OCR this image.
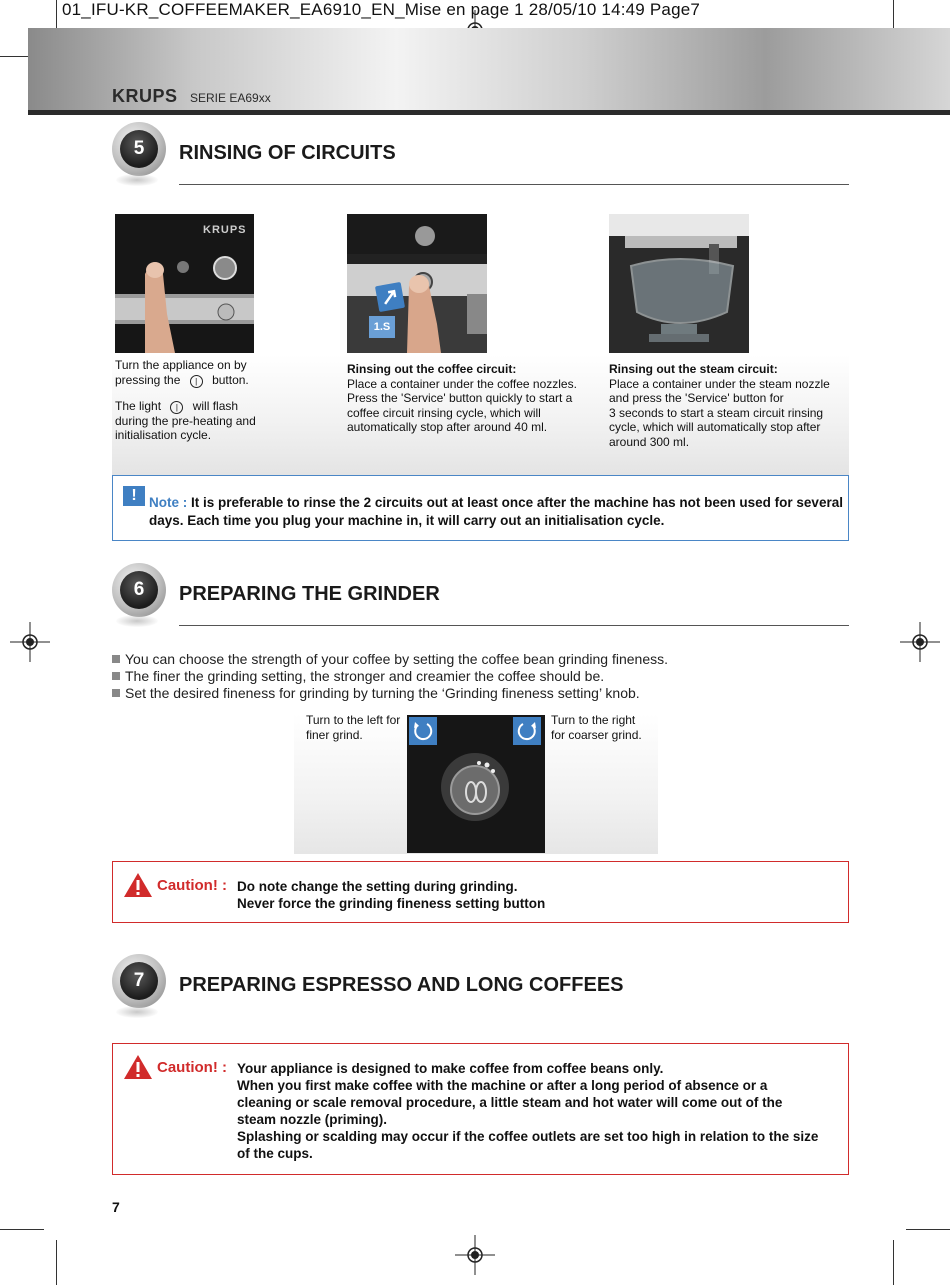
01_IFU-KR_COFFEEMAKER_EA6910_EN_Mise en page 1 28/05/10 14:49 Page7
KRUPS SERIE EA69xx
5	RINSING OF CIRCUITS
KRUPS
1.S
Turn the appliance on by
pressing the | button.
The light | will flash
during the pre-heating and
initialisation cycle.
Rinsing out the coffee circuit:
Place a container under the coffee nozzles.
Press the 'Service' button quickly to start a
coffee circuit rinsing cycle, which will
automatically stop after around 40 ml.
Rinsing out the steam circuit:
Place a container under the steam nozzle
and press the 'Service' button for
3 seconds to start a steam circuit rinsing
cycle, which will automatically stop after
around 300 ml.
! Note : It is preferable to rinse the 2 circuits out at least once after the machine has not been used for several
days. Each time you plug your machine in, it will carry out an initialisation cycle.
6	PREPARING THE GRINDER
You can choose the strength of your coffee by setting the coffee bean grinding fineness.
The finer the grinding setting, the stronger and creamier the coffee should be.
Set the desired fineness for grinding by turning the ‘Grinding fineness setting’ knob.
Turn to the left for
finer grind.
Turn to the right
for coarser grind.
Caution! : Do note change the setting during grinding.
Never force the grinding fineness setting button
7	PREPARING ESPRESSO AND LONG COFFEES
Caution! : Your appliance is designed to make coffee from coffee beans only.
When you first make coffee with the machine or after a long period of absence or a
cleaning or scale removal procedure, a little steam and hot water will come out of the
steam nozzle (priming).
Splashing or scalding may occur if the coffee outlets are set too high in relation to the size
of the cups.
7
